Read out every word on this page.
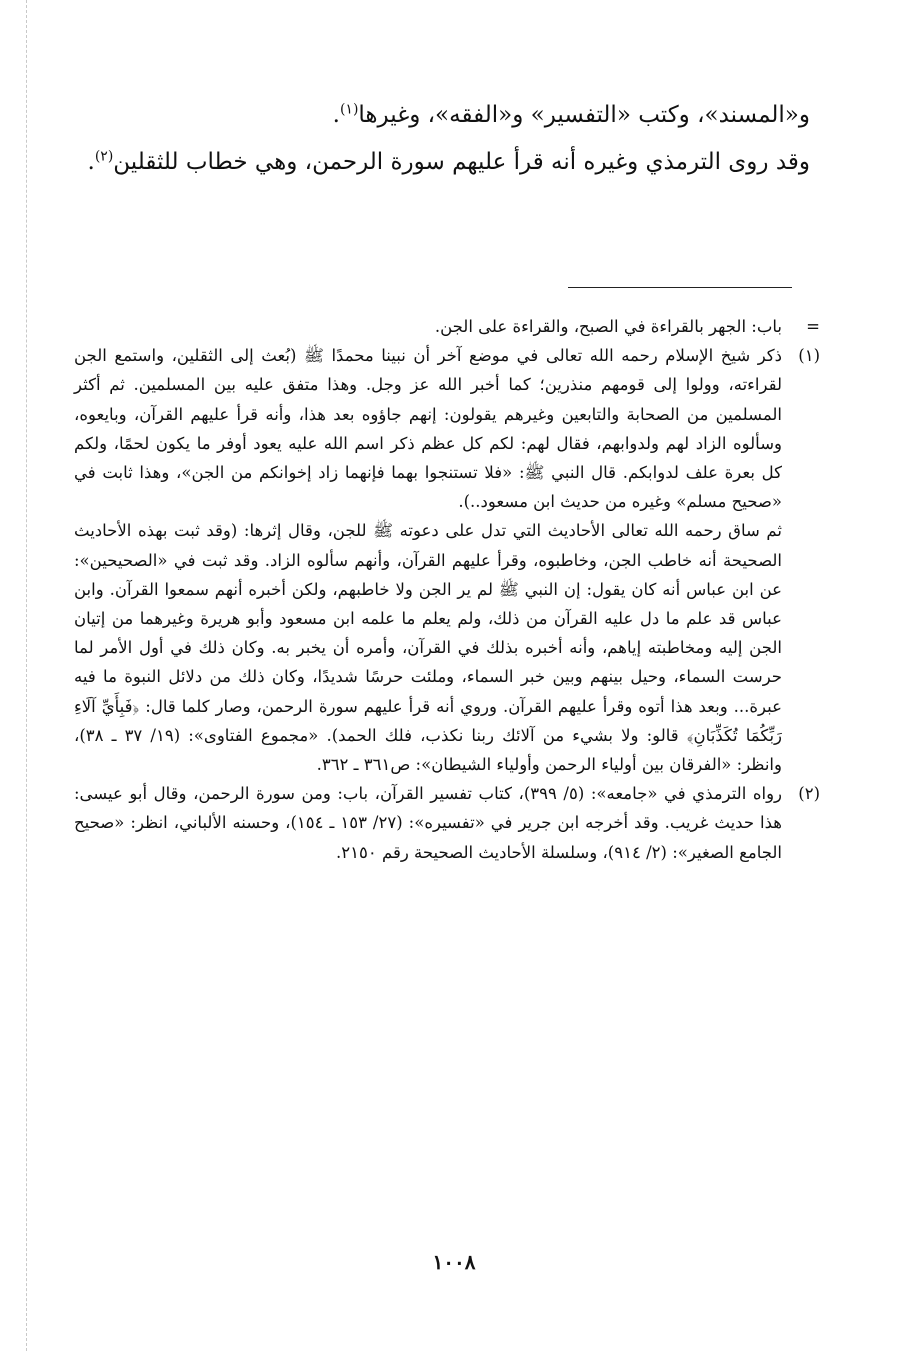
و«المسند»، وكتب «التفسير» و«الفقه»، وغيرها$^{(١)}$.

وقد روى الترمذي وغيره أنه قرأ عليهم سورة الرحمن، وهي خطاب للثقلين$^{(٢)}$.

=
باب: الجهر بالقراءة في الصبح، والقراءة على الجن.
(١)

ذكر شيخ الإسلام رحمه الله تعالى في موضع آخر أن نبينا محمدًا ﷺ (بُعث إلى الثقلين، واستمع الجن لقراءته، وولوا إلى قومهم منذرين؛ كما أخبر الله عز وجل. وهذا متفق عليه بين المسلمين. ثم أكثر المسلمين من الصحابة والتابعين وغيرهم يقولون: إنهم جاؤوه بعد هذا، وأنه قرأ عليهم القرآن، وبايعوه، وسألوه الزاد لهم ولدوابهم، فقال لهم: لكم كل عظم ذكر اسم الله عليه يعود أوفر ما يكون لحمًا، ولكم كل بعرة علف لدوابكم. قال النبي ﷺ: «فلا تستنجوا بهما فإنهما زاد إخوانكم من الجن»، وهذا ثابت في «صحيح مسلم» وغيره من حديث ابن مسعود..).

ثم ساق رحمه الله تعالى الأحاديث التي تدل على دعوته ﷺ للجن، وقال إثرها: (وقد ثبت بهذه الأحاديث الصحيحة أنه خاطب الجن، وخاطبوه، وقرأ عليهم القرآن، وأنهم سألوه الزاد. وقد ثبت في «الصحيحين»: عن ابن عباس أنه كان يقول: إن النبي ﷺ لم ير الجن ولا خاطبهم، ولكن أخبره أنهم سمعوا القرآن. وابن عباس قد علم ما دل عليه القرآن من ذلك، ولم يعلم ما علمه ابن مسعود وأبو هريرة وغيرهما من إتيان الجن إليه ومخاطبته إياهم، وأنه أخبره بذلك في القرآن، وأمره أن يخبر به. وكان ذلك في أول الأمر لما حرست السماء، وحيل بينهم وبين خبر السماء، وملئت حرسًا شديدًا، وكان ذلك من دلائل النبوة ما فيه عبرة... وبعد هذا أتوه وقرأ عليهم القرآن. وروي أنه قرأ عليهم سورة الرحمن، وصار كلما قال: ﴿فَبِأَيِّ آلَاءِ رَبِّكُمَا تُكَذِّبَانِ﴾ قالو: ولا بشيء من آلائك ربنا نكذب، فلك الحمد). «مجموع الفتاوى»: (١٩/ ٣٧ ـ ٣٨)، وانظر: «الفرقان بين أولياء الرحمن وأولياء الشيطان»: ص٣٦١ ـ ٣٦٢.

(٢)
رواه الترمذي في «جامعه»: (٥/ ٣٩٩)، كتاب تفسير القرآن، باب: ومن سورة الرحمن، وقال أبو عيسى: هذا حديث غريب. وقد أخرجه ابن جرير في «تفسيره»: (٢٧/ ١٥٣ ـ ١٥٤)، وحسنه الألباني، انظر: «صحيح الجامع الصغير»: (٢/ ٩١٤)، وسلسلة الأحاديث الصحيحة رقم ٢١٥٠.
١٠٠٨
